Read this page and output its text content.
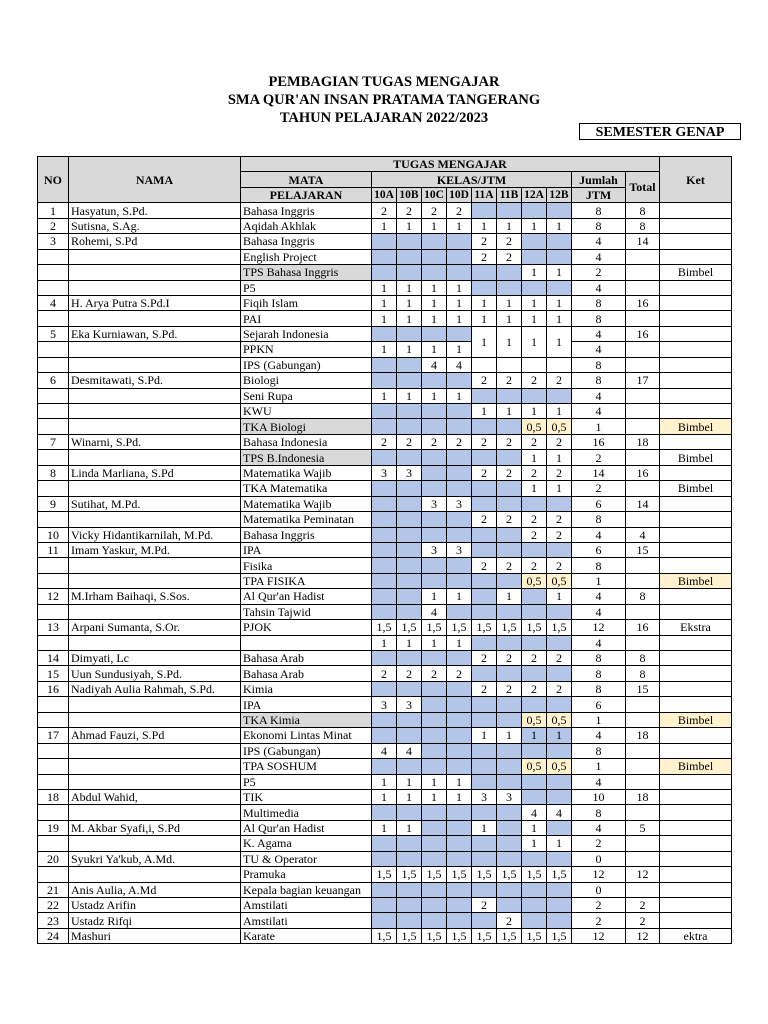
PEMBAGIAN TUGAS MENGAJAR
SMA QUR'AN INSAN PRATAMA TANGERANG
TAHUN PELAJARAN 2022/2023
SEMESTER GENAP
NO	NAMA	TUGAS MENGAJAR											Ket
		MATA	KELAS/JTM								Jumlah	Total	
		PELAJARAN	10A	10B	10C	10D	11A	11B	12A	12B	JTM		
1	Hasyatun, S.Pd.	Bahasa Inggris	2	2	2	2					8	8	
2	Sutisna, S.Ag.	Aqidah Akhlak	1	1	1	1	1	1	1	1	8	8	
3	Rohemi, S.Pd	Bahasa Inggris					2	2			4	14	
		English Project					2	2			4		
		TPS Bahasa Inggris							1	1	2		Bimbel
		P5	1	1	1	1					4		
4	H. Arya Putra S.Pd.I	Fiqih Islam	1	1	1	1	1	1	1	1	8	16	
		PAI	1	1	1	1	1	1	1	1	8		
5	Eka Kurniawan, S.Pd.	Sejarah Indonesia					1	1	1	1	4	16	
		PPKN	1	1	1	1					4		
		IPS (Gabungan)			4	4					8		
6	Desmitawati, S.Pd.	Biologi					2	2	2	2	8	17	
		Seni Rupa	1	1	1	1					4		
		KWU					1	1	1	1	4		
		TKA Biologi							0,5	0,5	1		Bimbel
7	Winarni, S.Pd.	Bahasa Indonesia	2	2	2	2	2	2	2	2	16	18	
		TPS B.Indonesia							1	1	2		Bimbel
8	Linda Marliana, S.Pd	Matematika Wajib	3	3			2	2	2	2	14	16	
		TKA Matematika							1	1	2		Bimbel
9	Sutihat, M.Pd.	Matematika Wajib			3	3					6	14	
		Matematika Peminatan					2	2	2	2	8		
10	Vicky Hidantikarnilah, M.Pd.	Bahasa Inggris							2	2	4	4	
11	Imam Yaskur, M.Pd.	IPA			3	3					6	15	
		Fisika					2	2	2	2	8		
		TPA FISIKA							0,5	0,5	1		Bimbel
12	M.Irham Baihaqi, S.Sos.	Al Qur'an Hadist			1	1		1		1	4	8	
		Tahsin Tajwid			4						4		
13	Arpani Sumanta, S.Or.	PJOK	1,5	1,5	1,5	1,5	1,5	1,5	1,5	1,5	12	16	Ekstra
			1	1	1	1					4		
14	Dimyati, Lc	Bahasa Arab					2	2	2	2	8	8	
15	Uun Sundusiyah, S.Pd.	Bahasa Arab	2	2	2	2					8	8	
16	Nadiyah Aulia Rahmah, S.Pd.	Kimia					2	2	2	2	8	15	
		IPA	3	3							6		
		TKA Kimia							0,5	0,5	1		Bimbel
17	Ahmad Fauzi, S.Pd	Ekonomi Lintas Minat					1	1	1	1	4	18	
		IPS (Gabungan)	4	4							8		
		TPA SOSHUM							0,5	0,5	1		Bimbel
		P5	1	1	1	1					4		
18	Abdul Wahid,	TIK	1	1	1	1	3	3			10	18	
		Multimedia							4	4	8		
19	M. Akbar Syafi,i, S.Pd	Al Qur'an Hadist	1	1			1		1		4	5	
		K. Agama							1	1	2		
20	Syukri Ya'kub, A.Md.	TU & Operator									0		
		Pramuka	1,5	1,5	1,5	1,5	1,5	1,5	1,5	1,5	12	12	
21	Anis Aulia, A.Md	Kepala bagian keuangan									0		
22	Ustadz Arifin	Amstilati					2				2	2	
23	Ustadz Rifqi	Amstilati						2			2	2	
24	Mashuri	Karate	1,5	1,5	1,5	1,5	1,5	1,5	1,5	1,5	12	12	ektra
